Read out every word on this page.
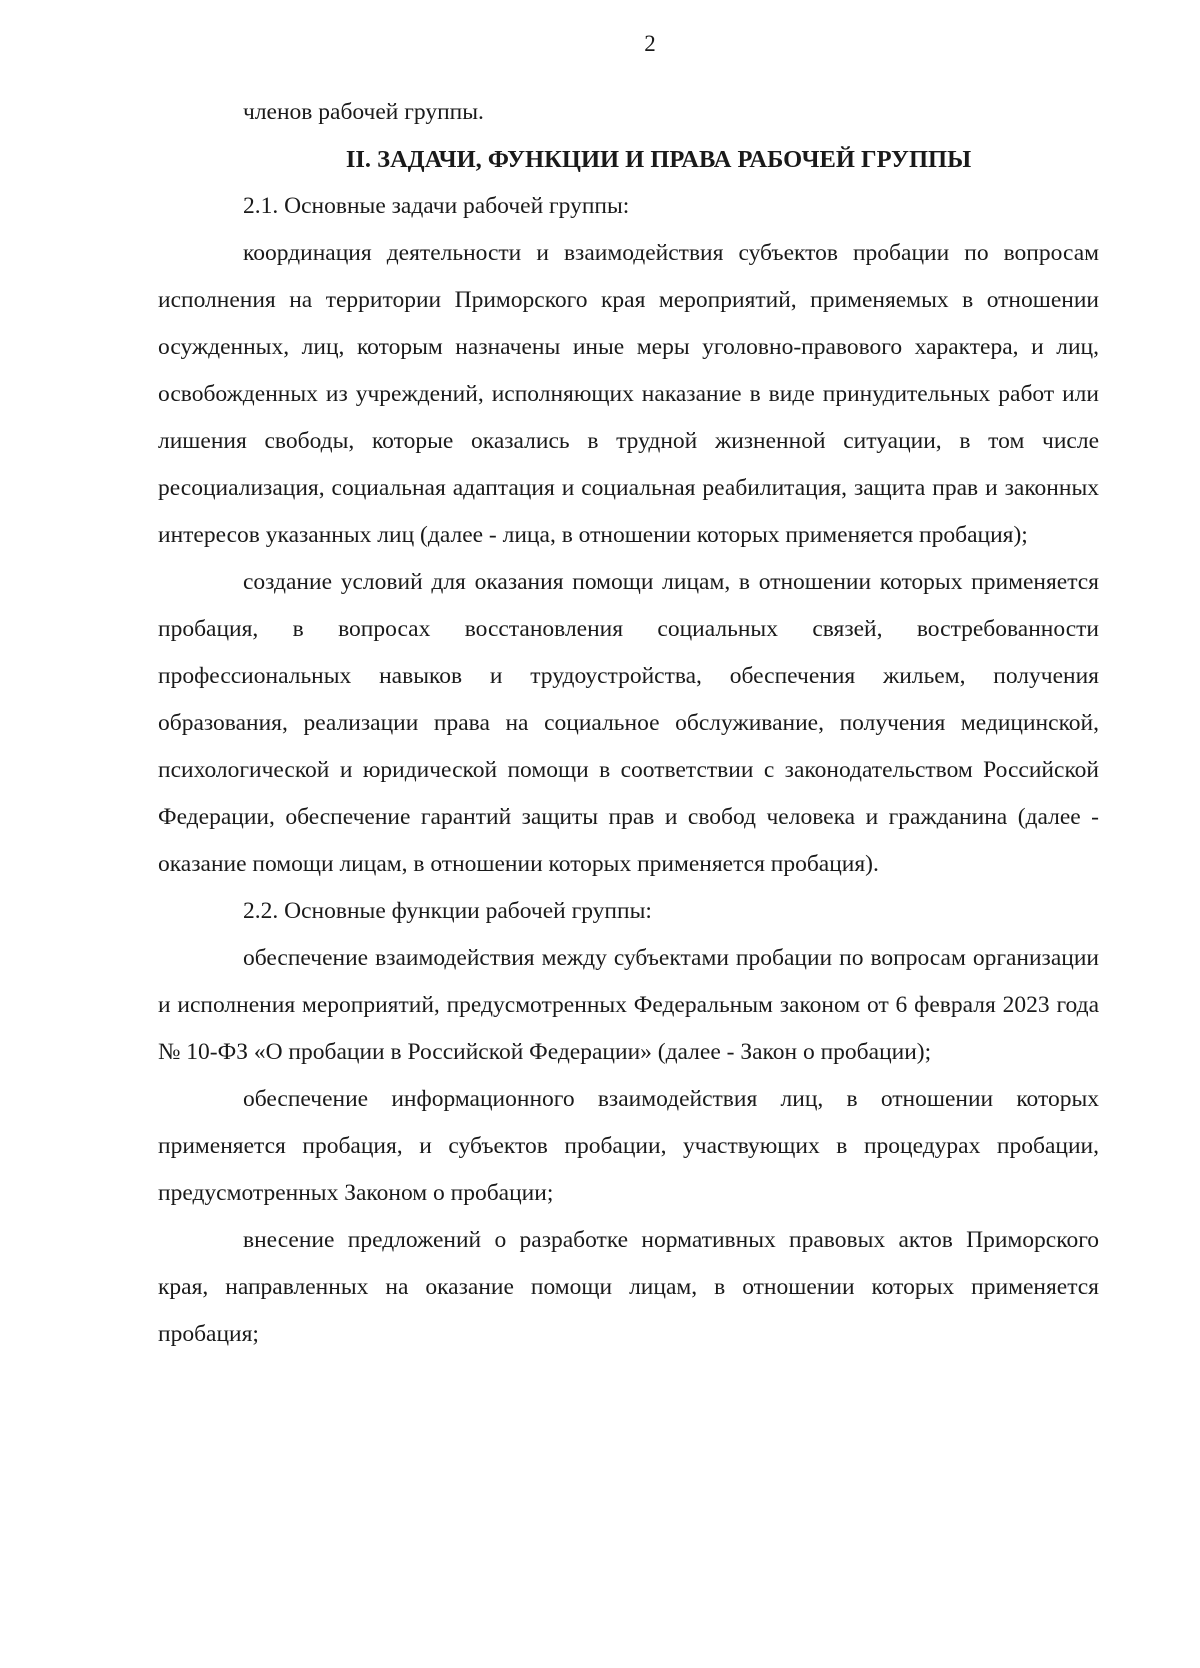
2

членов рабочей группы.

II. ЗАДАЧИ, ФУНКЦИИ И ПРАВА РАБОЧЕЙ ГРУППЫ

2.1. Основные задачи рабочей группы:

координация деятельности и взаимодействия субъектов пробации по вопросам исполнения на территории Приморского края мероприятий, применяемых в отношении осужденных, лиц, которым назначены иные меры уголовно-правового характера, и лиц, освобожденных из учреждений, исполняющих наказание в виде принудительных работ или лишения свободы, которые оказались в трудной жизненной ситуации, в том числе ресоциализация, социальная адаптация и социальная реабилитация, защита прав и законных интересов указанных лиц (далее - лица, в отношении которых применяется пробация);

создание условий для оказания помощи лицам, в отношении которых применяется пробация, в вопросах восстановления социальных связей, востребованности профессиональных навыков и трудоустройства, обеспечения жильем, получения образования, реализации права на социальное обслуживание, получения медицинской, психологической и юридической помощи в соответствии с законодательством Российской Федерации, обеспечение гарантий защиты прав и свобод человека и гражданина (далее - оказание помощи лицам, в отношении которых применяется пробация).

2.2. Основные функции рабочей группы:

обеспечение взаимодействия между субъектами пробации по вопросам организации и исполнения мероприятий, предусмотренных Федеральным законом от 6 февраля 2023 года № 10-ФЗ «О пробации в Российской Федерации» (далее - Закон о пробации);

обеспечение информационного взаимодействия лиц, в отношении которых применяется пробация, и субъектов пробации, участвующих в процедурах пробации, предусмотренных Законом о пробации;

внесение предложений о разработке нормативных правовых актов Приморского края, направленных на оказание помощи лицам, в отношении которых применяется пробация;
